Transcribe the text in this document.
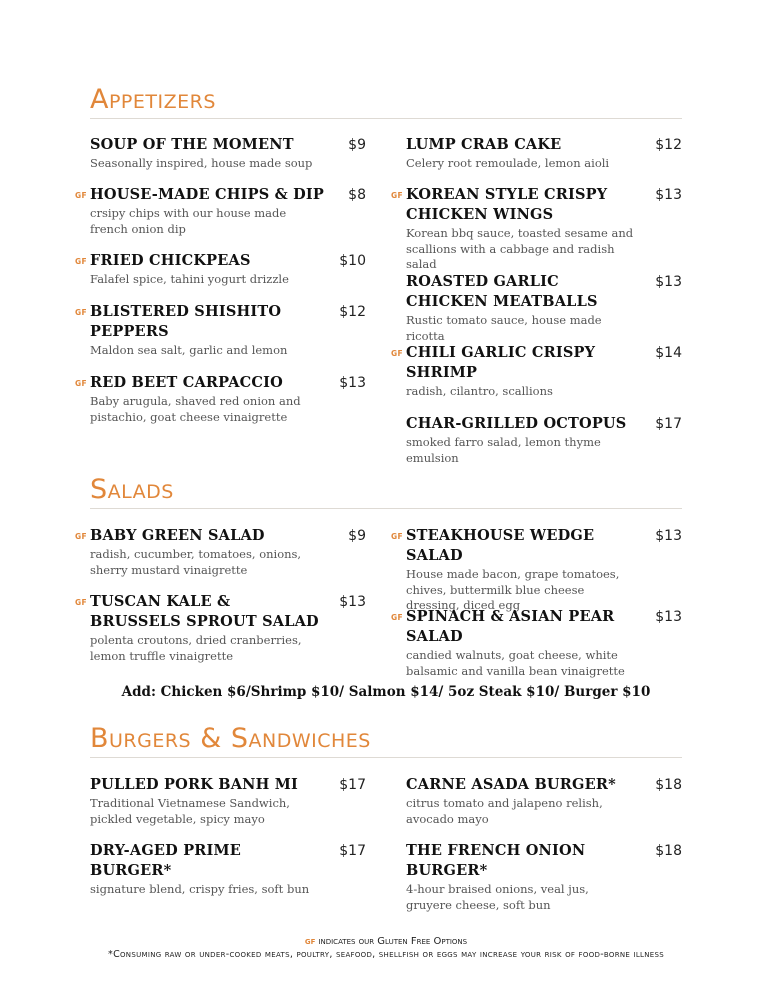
Appetizers
SOUP OF THE MOMENT	$9
Seasonally inspired, house made soup
GF HOUSE-MADE CHIPS & DIP $8
crsipy chips with our house made french onion dip
GF FRIED CHICKPEAS	$10
Falafel spice, tahini yogurt drizzle
GF BLISTERED SHISHITO PEPPERS
$12
Maldon sea salt, garlic and lemon
GF RED BEET CARPACCIO	$13
Baby arugula, shaved red onion and pistachio, goat cheese vinaigrette
LUMP CRAB CAKE	$12
Celery root remoulade, lemon aioli
GF KOREAN STYLE CRISPY CHICKEN WINGS
$13
Korean bbq sauce, toasted sesame and scallions with a cabbage and radish salad
ROASTED GARLIC CHICKEN MEATBALLS
$13
Rustic tomato sauce, house made ricotta
GF CHILI GARLIC CRISPY SHRIMP
$14
radish, cilantro, scallions
CHAR-GRILLED OCTOPUS	$17
smoked farro salad, lemon thyme emulsion
Salads
GF BABY GREEN SALAD	$9
radish, cucumber, tomatoes, onions, sherry mustard vinaigrette
GF TUSCAN KALE & BRUSSELS SPROUT SALAD
$13
polenta croutons, dried cranberries, lemon truffle vinaigrette
GF STEAKHOUSE WEDGE SALAD
$13
House made bacon, grape tomatoes, chives, buttermilk blue cheese dressing, diced egg
GF SPINACH & ASIAN PEAR SALAD
$13
candied walnuts, goat cheese, white balsamic and vanilla bean vinaigrette
Add: Chicken $6/Shrimp $10/ Salmon $14/ 5oz Steak $10/ Burger $10
Burgers & Sandwiches
PULLED PORK BANH MI	$17
Traditional Vietnamese Sandwich, pickled vegetable, spicy mayo
DRY-AGED PRIME BURGER*
$17
signature blend, crispy fries, soft bun
CARNE ASADA BURGER*	$18
citrus tomato and jalapeno relish, avocado mayo
THE FRENCH ONION BURGER*
$18
4-hour braised onions, veal jus, gruyere cheese, soft bun
GF indicates our Gluten Free Options
*Consuming raw or under-cooked meats, poultry, seafood, shellfish or eggs may increase your risk of food-borne illness
